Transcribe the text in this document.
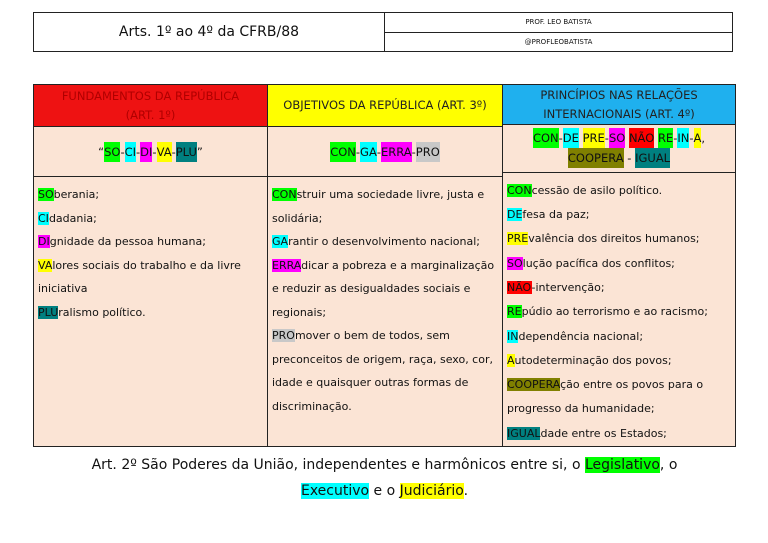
Arts. 1º ao 4º da CFRB/88
PROF. LEO BATISTA
@PROFLEOBATISTA
FUNDAMENTOS DA REPÚBLICA
(ART. 1º)
“ SO - CI - DI - VA - PLU ”
SOberania;
CIdadania;
DIgnidade da pessoa humana;
VAlores sociais do trabalho e da livre iniciativa
PLUralismo político.
OBJETIVOS DA REPÚBLICA (ART. 3º)
CON - GA - ERRA - PRO
CONstruir uma sociedade livre, justa e solidária;
GArantir o desenvolvimento nacional;
ERRAdicar a pobreza e a marginalização e reduzir as desigualdades sociais e regionais;
PROmover o bem de todos, sem preconceitos de origem, raça, sexo, cor, idade e quaisquer outras formas de discriminação.
PRINCÍPIOS NAS RELAÇÕES
INTERNACIONAIS (ART. 4º)
CON - DE
PRE - SO
NÃO
RE - IN - A ,
COOPERA - IGUAL
CONcessão de asilo político.
DEfesa da paz;
PREvalência dos direitos humanos;
SOlução pacífica dos conflitos;
NÃO-intervenção;
REpúdio ao terrorismo e ao racismo;
INdependência nacional;
Autodeterminação dos povos;
COOPERAção entre os povos para o progresso da humanidade;
IGUALdade entre os Estados;
Art. 2º São Poderes da União, independentes e harmônicos entre si, o Legislativo, o
Executivo e o Judiciário.
